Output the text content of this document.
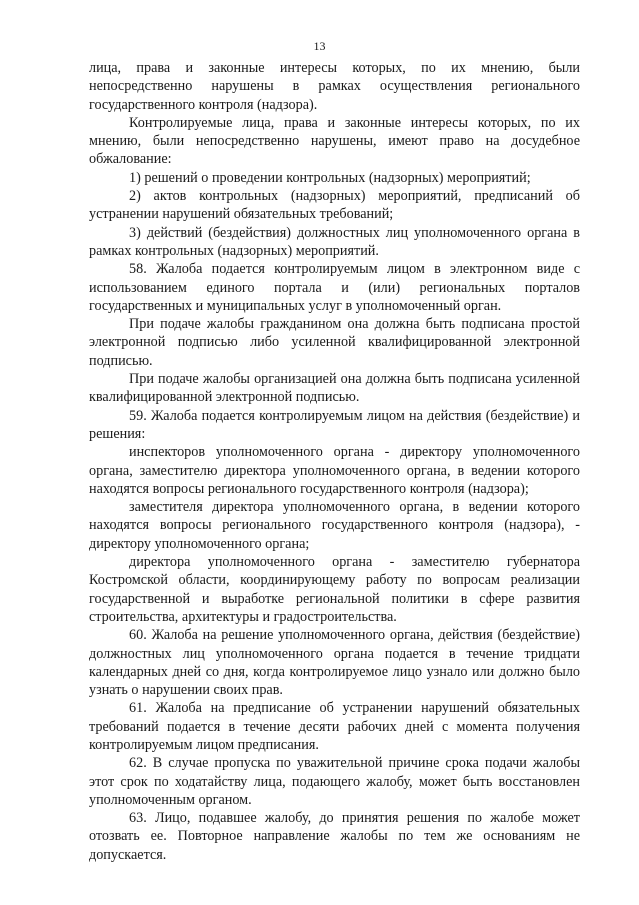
13

лица, права и законные интересы которых, по их мнению, были непосредственно нарушены в рамках осуществления регионального государственного контроля (надзора).

Контролируемые лица, права и законные интересы которых, по их мнению, были непосредственно нарушены, имеют право на досудебное обжалование:

1) решений о проведении контрольных (надзорных) мероприятий;

2) актов контрольных (надзорных) мероприятий, предписаний об устранении нарушений обязательных требований;

3) действий (бездействия) должностных лиц уполномоченного органа в рамках контрольных (надзорных) мероприятий.

58. Жалоба подается контролируемым лицом в электронном виде с использованием единого портала и (или) региональных порталов государственных и муниципальных услуг в уполномоченный орган.

При подаче жалобы гражданином она должна быть подписана простой электронной подписью либо усиленной квалифицированной электронной подписью.

При подаче жалобы организацией она должна быть подписана усиленной квалифицированной электронной подписью.

59. Жалоба подается контролируемым лицом на действия (бездействие) и решения:

инспекторов уполномоченного органа - директору уполномоченного органа, заместителю директора уполномоченного органа, в ведении которого находятся вопросы регионального государственного контроля (надзора);

заместителя директора уполномоченного органа, в ведении которого находятся вопросы регионального государственного контроля (надзора), - директору уполномоченного органа;

директора уполномоченного органа - заместителю губернатора Костромской области, координирующему работу по вопросам реализации государственной и выработке региональной политики в сфере развития строительства, архитектуры и градостроительства.

60. Жалоба на решение уполномоченного органа, действия (бездействие) должностных лиц уполномоченного органа подается в течение тридцати календарных дней со дня, когда контролируемое лицо узнало или должно было узнать о нарушении своих прав.

61. Жалоба на предписание об устранении нарушений обязательных требований подается в течение десяти рабочих дней с момента получения контролируемым лицом предписания.

62. В случае пропуска по уважительной причине срока подачи жалобы этот срок по ходатайству лица, подающего жалобу, может быть восстановлен уполномоченным органом.

63. Лицо, подавшее жалобу, до принятия решения по жалобе может отозвать ее. Повторное направление жалобы по тем же основаниям не допускается.
